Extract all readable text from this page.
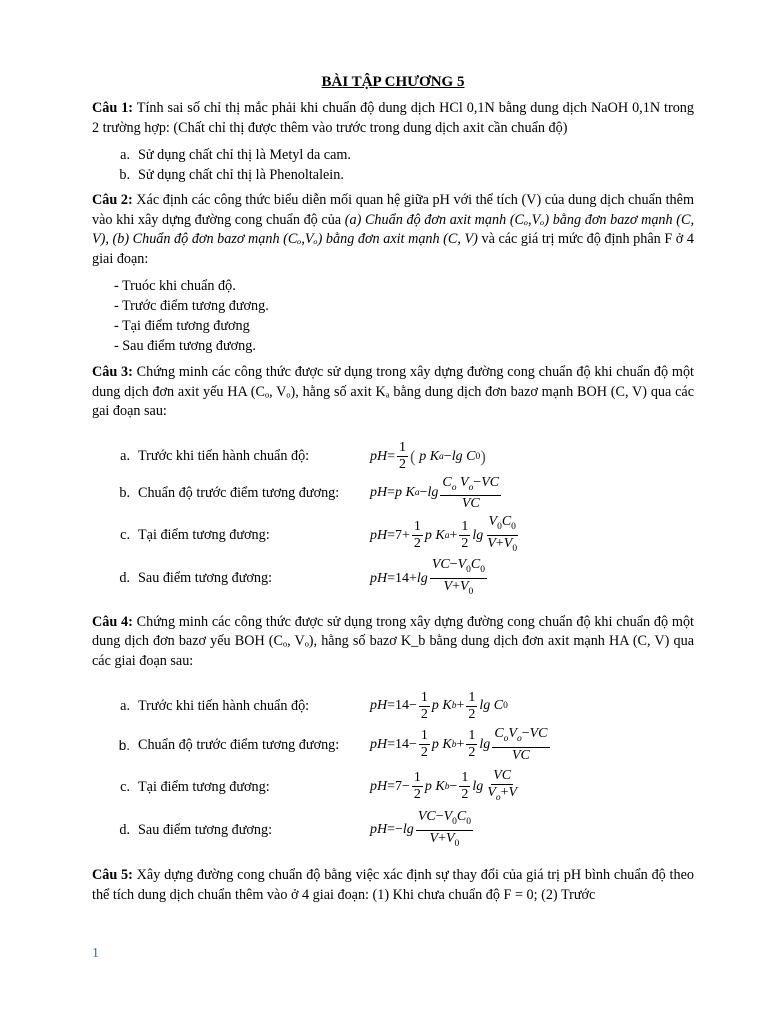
BÀI TẬP CHƯƠNG 5

Câu 1: Tính sai số chỉ thị mắc phải khi chuẩn độ dung dịch HCl 0,1N bằng dung dịch NaOH 0,1N trong 2 trường hợp: (Chất chỉ thị được thêm vào trước trong dung dịch axit cần chuẩn độ)

a. Sử dụng chất chỉ thị là Metyl da cam.
b. Sử dụng chất chỉ thị là Phenoltalein.

Câu 2: Xác định các công thức biểu diễn mối quan hệ giữa pH với thể tích (V) của dung dịch chuẩn thêm vào khi xây dựng đường cong chuẩn độ của (a) Chuẩn độ đơn axit mạnh (Cₒ,Vₒ) bằng đơn bazơ mạnh (C, V), (b) Chuẩn độ đơn bazơ mạnh (Cₒ,Vₒ) bằng đơn axit mạnh (C, V) và các giá trị mức độ định phân F ở 4 giai đoạn:

- Truóc khi chuẩn độ.
- Trước điểm tương đương.
- Tại điểm tương đương
- Sau điểm tương đương.

Câu 3: Chứng minh các công thức được sử dụng trong xây dựng đường cong chuẩn độ khi chuẩn độ một dung dịch đơn axit yếu HA (Cₒ, Vₒ), hằng số axit Kₐ bằng dung dịch đơn bazơ mạnh BOH (C, V) qua các gai đoạn sau:

a. Trước khi tiến hành chuẩn độ:	pH = $\frac{1}{2}$ ( p K a − lg C 0 )
b. Chuẩn độ trước điểm tương đương:	pH = p K $a - \lg \frac{C_o V_o-VC}{VC}$
c. Tại điểm tương đương:	pH $=7+ \frac{1}{2}$ p K $a + \frac{1}{2}$ $\lg \frac{V_0C_0}{V+V_0}$
d. Sau điểm tương đương:	pH $=14+ \lg \frac{VC-V_0C_0}{V+V_0}$

Câu 4: Chứng minh các công thức được sử dụng trong xây dựng đường cong chuẩn độ khi chuẩn độ một dung dịch đơn bazơ yếu BOH (Cₒ, Vₒ), hằng số bazơ K_b bằng dung dịch đơn axit mạnh HA (C, V) qua các giai đoạn sau:

a. Trước khi tiến hành chuẩn độ:	pH $=14- \frac{1}{2}$ p K $b + \frac{1}{2}$ lg C 0
b. Chuẩn độ trước điểm tương đương:	pH $=14- \frac{1}{2}$ p K $b + \frac{1}{2}$ $\lg \frac{C_oV_o-VC}{VC}$
c. Tại điểm tương đương:	pH $=7- \frac{1}{2}$ p K $b - \frac{1}{2}$ $\lg \frac{VC}{V_o+V}$
d. Sau điểm tương đương:	pH =− $\lg \frac{VC-V_0C_0}{V+V_0}$

Câu 5: Xây dựng đường cong chuẩn độ bằng việc xác định sự thay đổi của giá trị pH bình chuẩn độ theo thể tích dung dịch chuẩn thêm vào ở 4 giai đoạn: (1) Khi chưa chuẩn độ F = 0; (2) Trước

1
